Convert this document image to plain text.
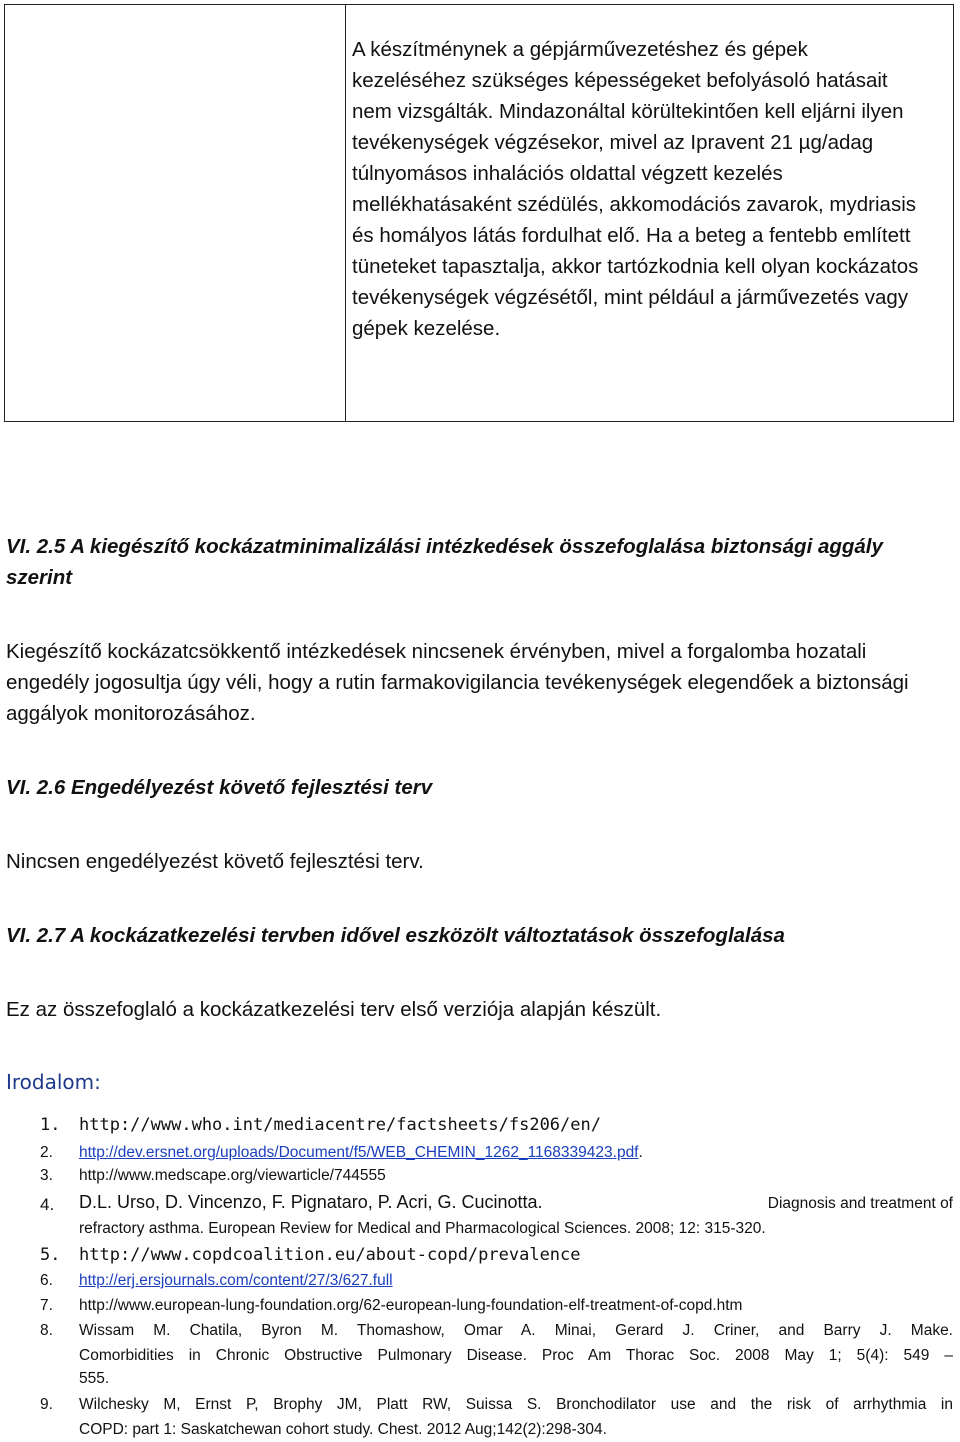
A készítménynek a gépjárművezetéshez és gépek kezeléséhez szükséges képességeket befolyásoló hatásait nem vizsgálták. Mindazonáltal körültekintően kell eljárni ilyen tevékenységek végzésekor, mivel az Ipravent 21 µg/adag túlnyomásos inhalációs oldattal végzett kezelés mellékhatásaként szédülés, akkomodációs zavarok, mydriasis és homályos látás fordulhat elő. Ha a beteg a fentebb említett tüneteket tapasztalja, akkor tartózkodnia kell olyan kockázatos tevékenységek végzésétől, mint például a járművezetés vagy gépek kezelése.

VI. 2.5 A kiegészítő kockázatminimalizálási intézkedések összefoglalása biztonsági aggály szerint
Kiegészítő kockázatcsökkentő intézkedések nincsenek érvényben, mivel a forgalomba hozatali engedély jogosultja úgy véli, hogy a rutin farmakovigilancia tevékenységek elegendőek a biztonsági aggályok monitorozásához.
VI. 2.6 Engedélyezést követő fejlesztési terv
Nincsen engedélyezést követő fejlesztési terv.
VI. 2.7 A kockázatkezelési tervben idővel eszközölt változtatások összefoglalása
Ez az összefoglaló a kockázatkezelési terv első verziója alapján készült.
Irodalom:
1.	http://www.who.int/mediacentre/factsheets/fs206/en/
2.	http://dev.ersnet.org/uploads/Document/f5/WEB_CHEMIN_1262_1168339423.pdf.
3.	http://www.medscape.org/viewarticle/744555
4.	D.L. Urso, D. Vincenzo, F. Pignataro, P. Acri, G. Cucinotta.	Diagnosis and treatment of
refractory asthma. European Review for Medical and Pharmacological Sciences. 2008; 12: 315-320.
5.	http://www.copdcoalition.eu/about-copd/prevalence
6.	http://erj.ersjournals.com/content/27/3/627.full
7.	http://www.european-lung-foundation.org/62-european-lung-foundation-elf-treatment-of-copd.htm
8.	Wissam M. Chatila, Byron M. Thomashow, Omar A. Minai, Gerard J. Criner, and Barry J. Make.
Comorbidities in Chronic Obstructive Pulmonary Disease. Proc Am Thorac Soc. 2008 May 1; 5(4): 549 –
555.
9.	Wilchesky M, Ernst P, Brophy JM, Platt RW, Suissa S. Bronchodilator use and the risk of arrhythmia in
COPD: part 1: Saskatchewan cohort study. Chest. 2012 Aug;142(2):298-304.
